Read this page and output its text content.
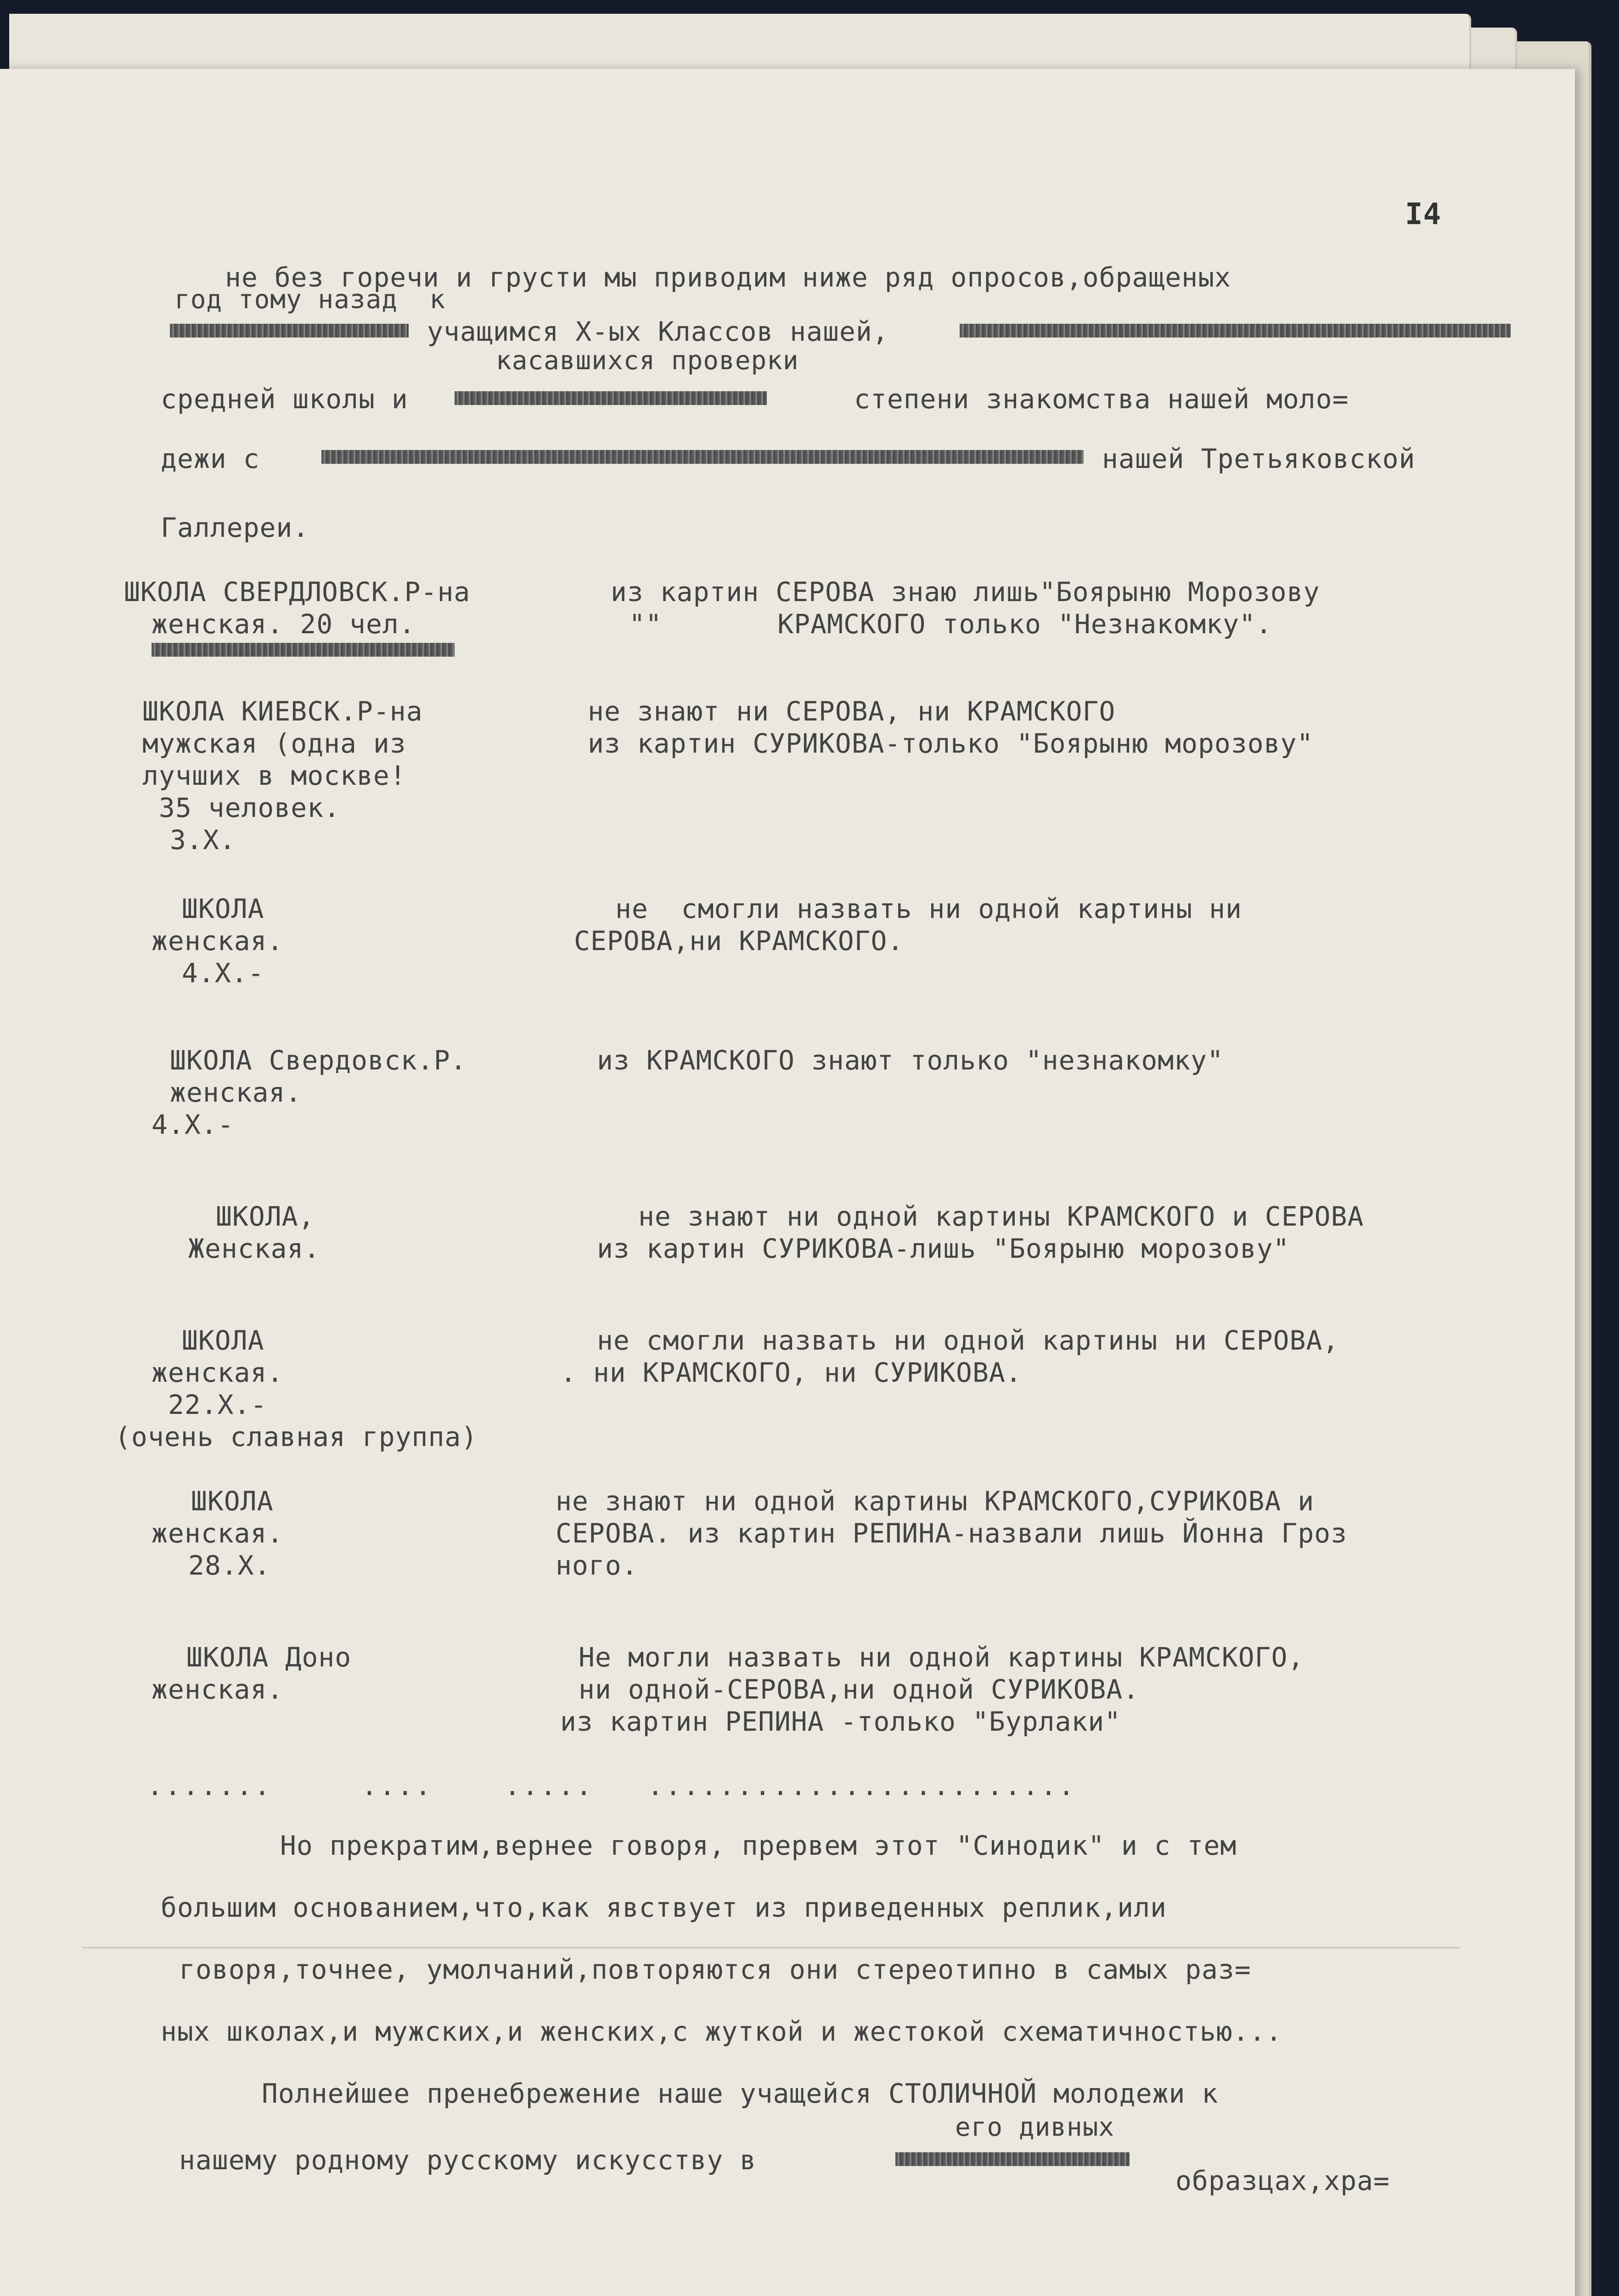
I4
не без горечи и грусти мы приводим ниже ряд опросов,обращеных
год тому назад  к
учащимся X-ых Классов нашей,
касавшихся проверки
средней школы и	степени знакомства нашей моло=
дежи с	нашей Третьяковской
Галлереи.
ШКОЛА СВЕРДЛОВСК.Р-на
женская. 20 чел.
из картин СЕРОВА знаю лишь"Боярыню Морозову
""       КРАМСКОГО только "Незнакомку".
ШКОЛА КИЕВСК.Р-на
мужская (одна из
лучших в москве!
35 человек.
3.X.
не знают ни СЕРОВА, ни КРАМСКОГО
из картин СУРИКОВА-только "Боярыню морозову"
ШКОЛА
женская.
4.X.-
не  смогли назвать ни одной картины ни
СЕРОВА,ни КРАМСКОГО.
ШКОЛА Свердовск.Р.
женская.
4.X.-
из КРАМСКОГО знают только "незнакомку"
ШКОЛА,
Женская.
не знают ни одной картины КРАМСКОГО и СЕРОВА
из картин СУРИКОВА-лишь "Боярыню морозову"
ШКОЛА
женская.
22.X.-
(очень славная группа)
не смогли назвать ни одной картины ни СЕРОВА,
. ни КРАМСКОГО, ни СУРИКОВА.
ШКОЛА
женская.
28.X.
не знают ни одной картины КРАМСКОГО,СУРИКОВА и
СЕРОВА. из картин РЕПИНА-назвали лишь Йонна Гроз
ного.
ШКОЛА Доно
женская.
Не могли назвать ни одной картины КРАМСКОГО,
ни одной-СЕРОВА,ни одной СУРИКОВА.
из картин РЕПИНА -только "Бурлаки"
.......     ....    .....   ........................
Но прекратим,вернее говоря, прервем этот "Синодик" и с тем
большим основанием,что,как явствует из приведенных реплик,или
говоря,точнее, умолчаний,повторяются они стереотипно в самых раз=
ных школах,и мужских,и женских,с жуткой и жестокой схематичностью...
Полнейшее пренебрежение наше учащейся СТОЛИЧНОЙ молодежи к
его дивных
нашему родному русскому искусству в
образцах,хра=
